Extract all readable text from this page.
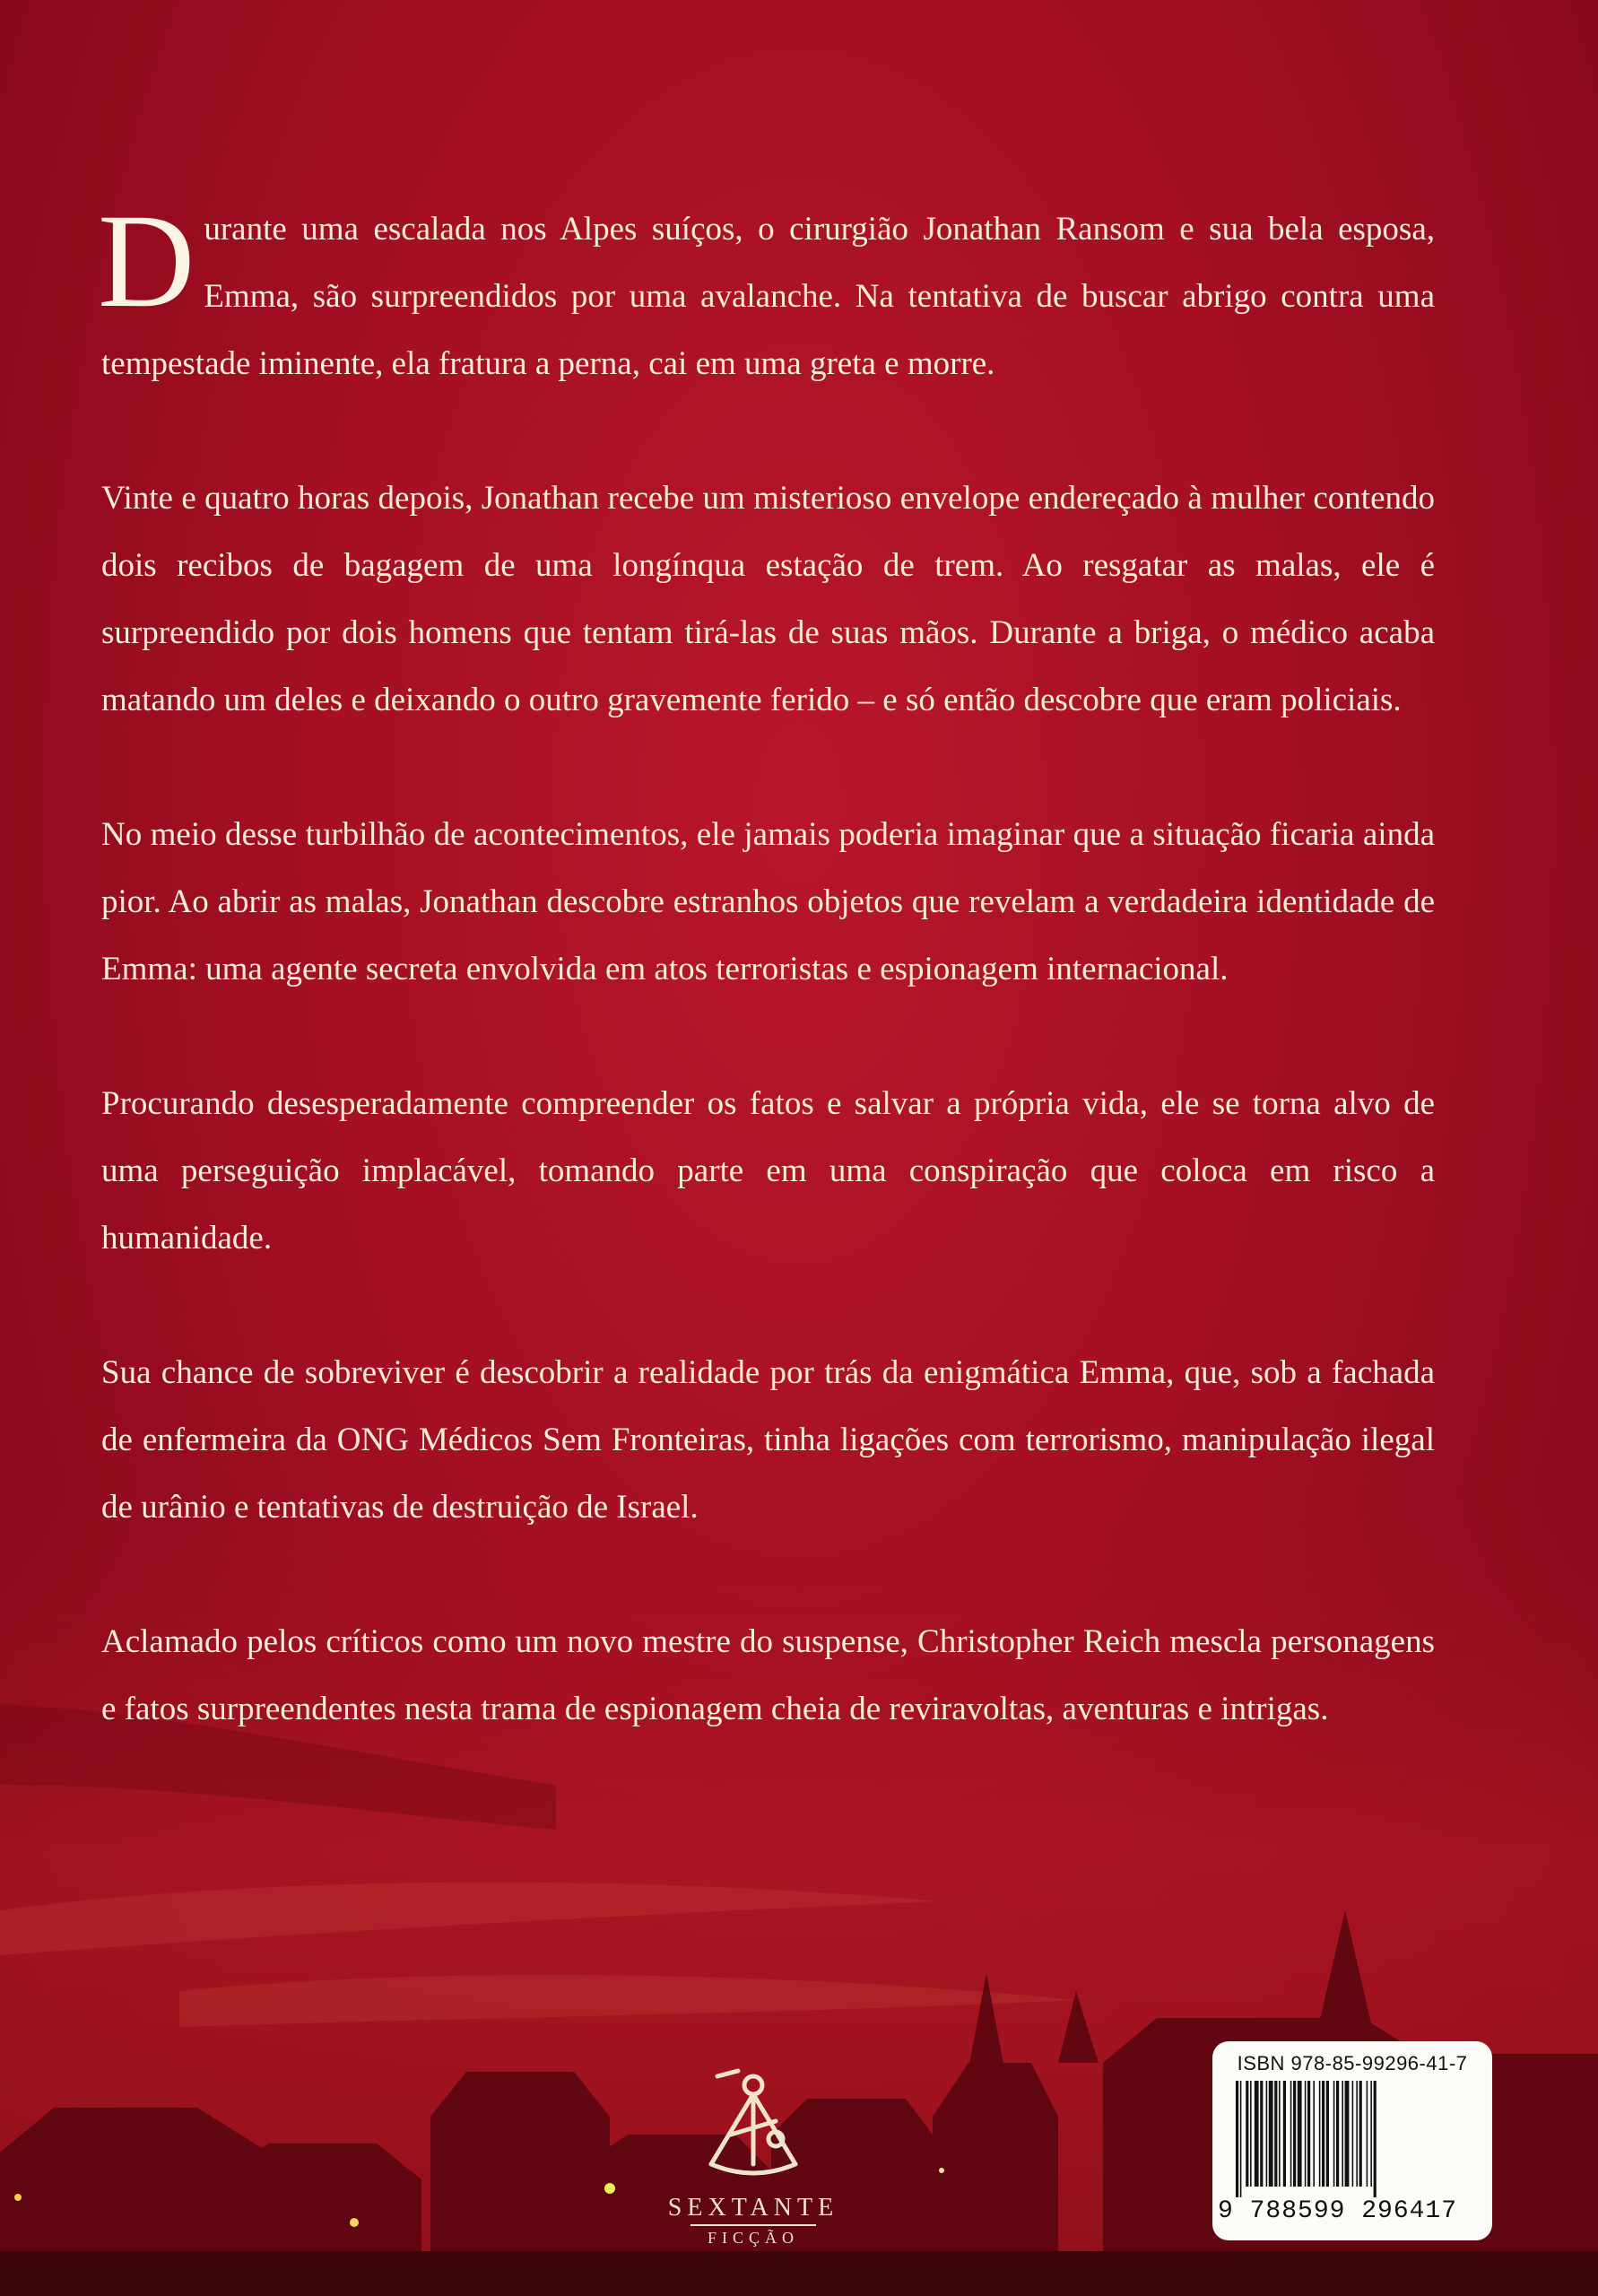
Durante uma escalada nos Alpes suíços, o cirurgião Jonathan Ransom e sua bela esposa, Emma, são surpreendidos por uma avalanche. Na tentativa de buscar abrigo contra uma tempestade iminente, ela fratura a perna, cai em uma greta e morre.

Vinte e quatro horas depois, Jonathan recebe um misterioso envelope endereçado à mulher contendo dois recibos de bagagem de uma longínqua estação de trem. Ao resgatar as malas, ele é surpreendido por dois homens que tentam tirá-las de suas mãos. Durante a briga, o médico acaba matando um deles e deixando o outro gravemente ferido – e só então descobre que eram policiais.

No meio desse turbilhão de acontecimentos, ele jamais poderia imaginar que a situação ficaria ainda pior. Ao abrir as malas, Jonathan descobre estranhos objetos que revelam a verdadeira identidade de Emma: uma agente secreta envolvida em atos terroristas e espionagem internacional.

Procurando desesperadamente compreender os fatos e salvar a própria vida, ele se torna alvo de uma perseguição implacável, tomando parte em uma conspiração que coloca em risco a humanidade.

Sua chance de sobreviver é descobrir a realidade por trás da enigmática Emma, que, sob a fachada de enfermeira da ONG Médicos Sem Fronteiras, tinha ligações com terrorismo, manipulação ilegal de urânio e tentativas de destruição de Israel.

Aclamado pelos críticos como um novo mestre do suspense, Christopher Reich mescla personagens e fatos surpreendentes nesta trama de espionagem cheia de reviravoltas, aventuras e intrigas.

SEXTANTE
FICÇÃO
ISBN 978-85-99296-41-7
9 788599 296417
